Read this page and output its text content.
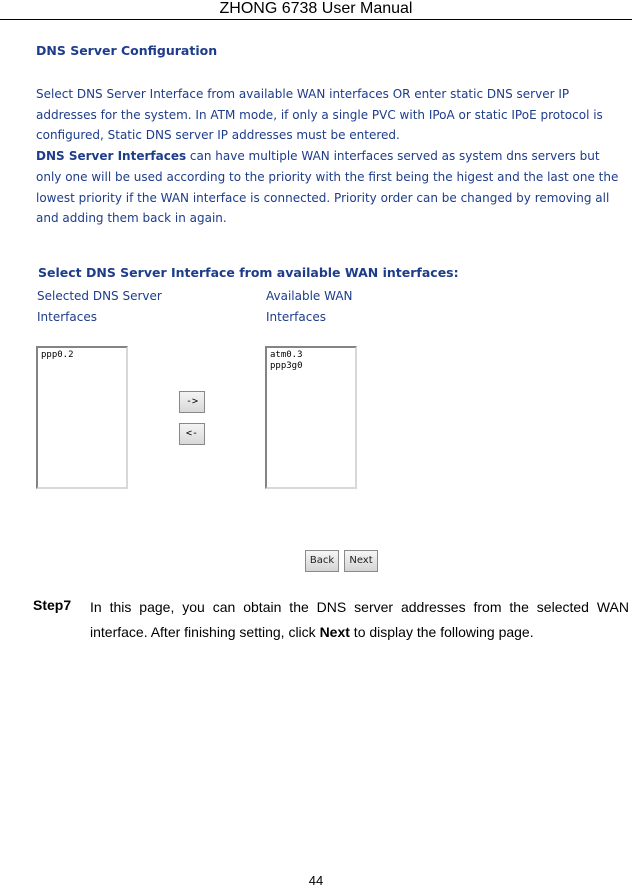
ZHONG 6738 User Manual
DNS Server Configuration
Select DNS Server Interface from available WAN interfaces OR enter static DNS server IP addresses for the system. In ATM mode, if only a single PVC with IPoA or static IPoE protocol is configured, Static DNS server IP addresses must be entered.
DNS Server Interfaces can have multiple WAN interfaces served as system dns servers but only one will be used according to the priority with the first being the higest and the last one the lowest priority if the WAN interface is connected. Priority order can be changed by removing all and adding them back in again.
Select DNS Server Interface from available WAN interfaces:
Selected DNS Server
Interfaces
Available WAN
Interfaces
ppp0.2
->
<-
atm0.3
ppp3g0
Back	Next
Step7 In this page, you can obtain the DNS server addresses from the selected WAN interface. After finishing setting, click Next to display the following page.
44
